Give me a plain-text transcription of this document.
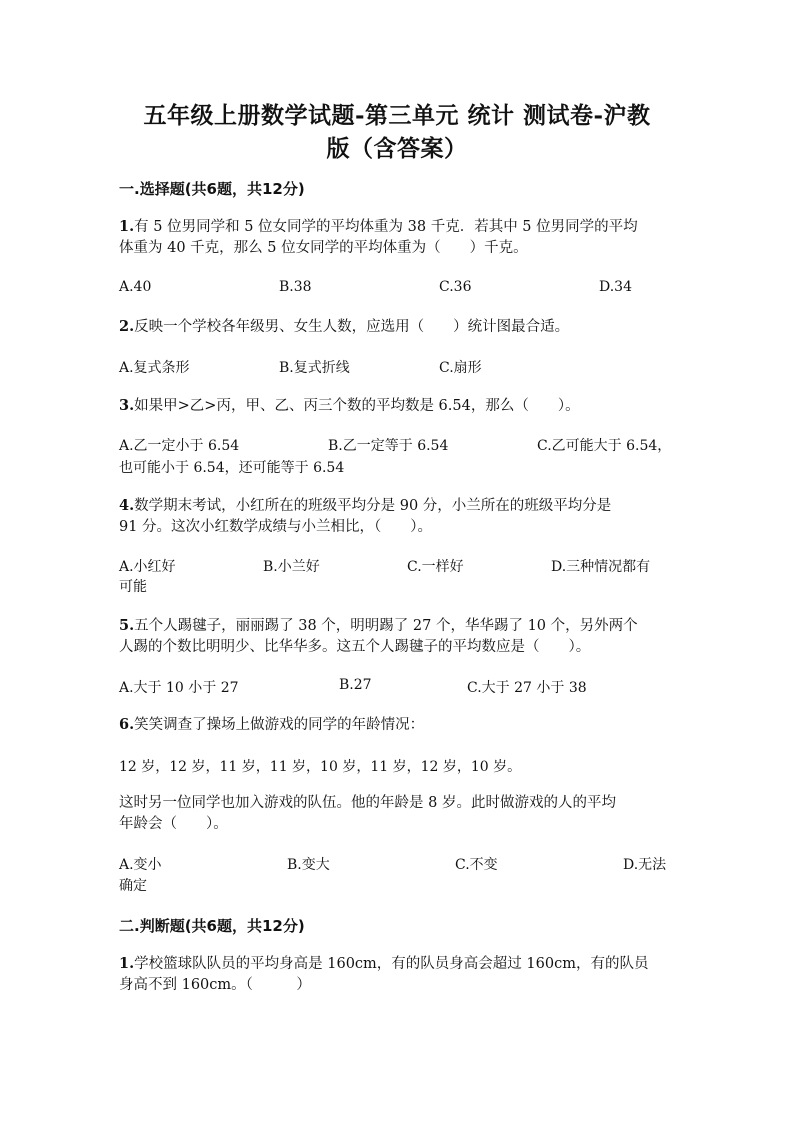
五年级上册数学试题-第三单元 统计 测试卷-沪教
版（含答案）
一.选择题(共6题，共12分)
1.有 5 位男同学和 5 位女同学的平均体重为 38 千克．若其中 5 位男同学的平均
体重为 40 千克，那么 5 位女同学的平均体重为（　　）千克。
A.40	B.38	C.36	D.34
2.反映一个学校各年级男、女生人数，应选用（　　）统计图最合适。
A.复式条形	B.复式折线	C.扇形
3.如果甲>乙>丙，甲、乙、丙三个数的平均数是 6.54，那么（　　）。
A.乙一定小于 6.54	B.乙一定等于 6.54	C.乙可能大于 6.54，
也可能小于 6.54，还可能等于 6.54
4.数学期末考试，小红所在的班级平均分是 90 分，小兰所在的班级平均分是
91 分。这次小红数学成绩与小兰相比，（　　）。
A.小红好	B.小兰好	C.一样好	D.三种情况都有
可能
5.五个人踢毽子，丽丽踢了 38 个，明明踢了 27 个，华华踢了 10 个，另外两个
人踢的个数比明明少、比华华多。这五个人踢毽子的平均数应是（　　）。
A.大于 10 小于 27	B.27	C.大于 27 小于 38
6.笑笑调查了操场上做游戏的同学的年龄情况：
12 岁，12 岁，11 岁，11 岁，10 岁，11 岁，12 岁，10 岁。
这时另一位同学也加入游戏的队伍。他的年龄是 8 岁。此时做游戏的人的平均
年龄会（　　）。
A.变小	B.变大	C.不变	D.无法
确定
二.判断题(共6题，共12分)
1.学校篮球队队员的平均身高是 160cm，有的队员身高会超过 160cm，有的队员
身高不到 160cm。（　　　）
